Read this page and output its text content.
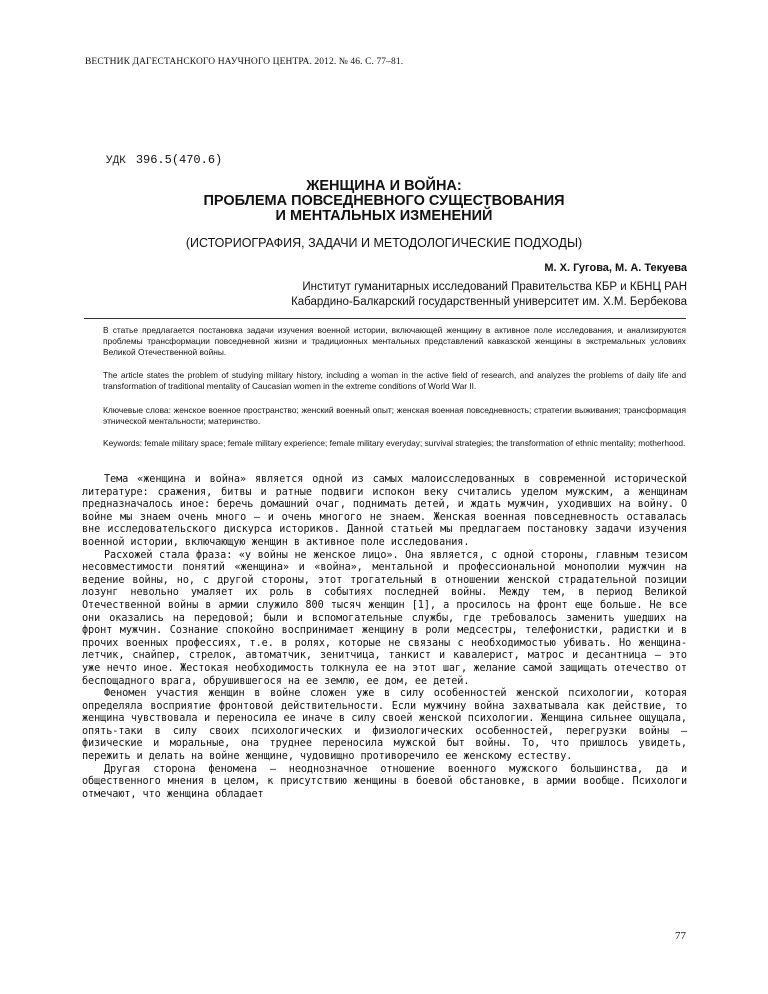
ВЕСТНИК ДАГЕСТАНСКОГО НАУЧНОГО ЦЕНТРА. 2012. № 46. С. 77–81.
УДК 396.5(470.6)
ЖЕНЩИНА И ВОЙНА:
ПРОБЛЕМА ПОВСЕДНЕВНОГО СУЩЕСТВОВАНИЯ
И МЕНТАЛЬНЫХ ИЗМЕНЕНИЙ
(ИСТОРИОГРАФИЯ, ЗАДАЧИ И МЕТОДОЛОГИЧЕСКИЕ ПОДХОДЫ)
М. Х. Гугова, М. А. Текуева
Институт гуманитарных исследований Правительства КБР и КБНЦ РАН
Кабардино-Балкарский государственный университет им. Х.М. Бербекова
В статье предлагается постановка задачи изучения военной истории, включающей женщину в активное поле исследования, и анализируются проблемы трансформации повседневной жизни и традиционных ментальных представлений кавказской женщины в экстремальных условиях Великой Отечественной войны.
The article states the problem of studying military history, including a woman in the active field of research, and analyzes the problems of daily life and transformation of traditional mentality of Caucasian women in the extreme conditions of World War II.
Ключевые слова: женское военное пространство; женский военный опыт; женская военная повседневность; стратегии выживания; трансформация этнической ментальности; материнство.
Keywords: female military space; female military experience; female military everyday; survival strategies; the transformation of ethnic mentality; motherhood.

Тема «женщина и война» является одной из самых малоисследованных в современной исторической литературе: сражения, битвы и ратные подвиги испокон веку считались уделом мужским, а женщинам предназначалось иное: беречь домашний очаг, поднимать детей, и ждать мужчин, уходивших на войну. О войне мы знаем очень много – и очень многого не знаем. Женская военная повседневность оставалась вне исследовательского дискурса историков. Данной статьей мы предлагаем постановку задачи изучения военной истории, включающую женщин в активное поле исследования.

Расхожей стала фраза: «у войны не женское лицо». Она является, с одной стороны, главным тезисом несовместимости понятий «женщина» и «война», ментальной и профессиональной монополии мужчин на ведение войны, но, с другой стороны, этот трогательный в отношении женской страдательной позиции лозунг невольно умаляет их роль в событиях последней войны. Между тем, в период Великой Отечественной войны в армии служило 800 тысяч женщин [1], а просилось на фронт еще больше. Не все они оказались на передовой; были и вспомогательные службы, где требовалось заменить ушедших на фронт мужчин. Сознание спокойно воспринимает женщину в роли медсестры, телефонистки, радистки и в прочих военных профессиях, т.е. в ролях, которые не связаны с необходимостью убивать. Но женщина-летчик, снайпер, стрелок, автоматчик, зенитчица, танкист и кавалерист, матрос и десантница – это уже нечто иное. Жестокая необходимость толкнула ее на этот шаг, желание самой защищать отечество от беспощадного врага, обрушившегося на ее землю, ее дом, ее детей.

Феномен участия женщин в войне сложен уже в силу особенностей женской психологии, которая определяла восприятие фронтовой действительности. Если мужчину война захватывала как действие, то женщина чувствовала и переносила ее иначе в силу своей женской психологии. Женщина сильнее ощущала, опять-таки в силу своих психологических и физиологических особенностей, перегрузки войны – физические и моральные, она труднее переносила мужской быт войны. То, что пришлось увидеть, пережить и делать на войне женщине, чудовищно противоречило ее женскому естеству.

Другая сторона феномена – неоднозначное отношение военного мужского большинства, да и общественного мнения в целом, к присутствию женщины в боевой обстановке, в армии вообще. Психологи отмечают, что женщина обладает

77
